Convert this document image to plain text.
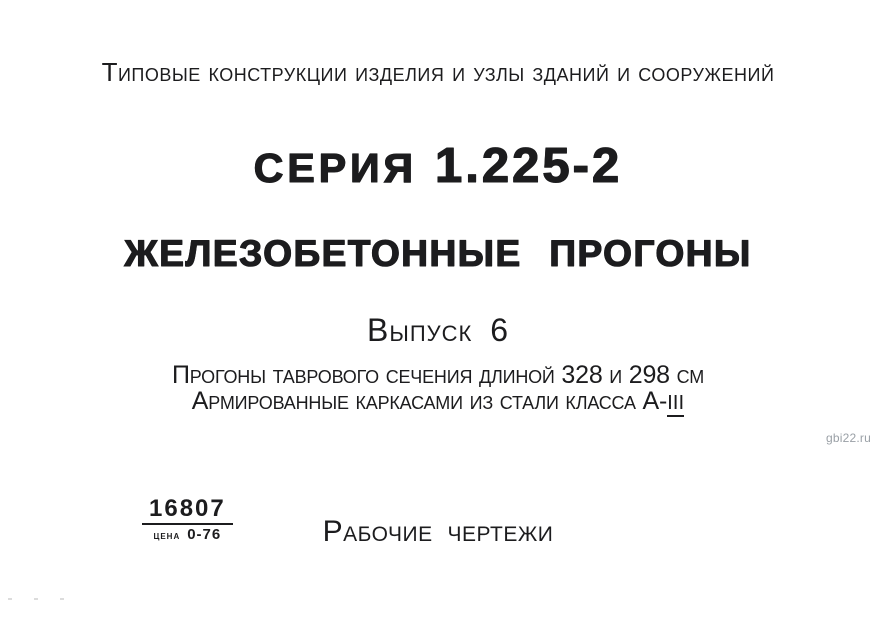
Типовые конструкции изделия и узлы зданий и сооружений
СЕРИЯ 1.225-2
ЖЕЛЕЗОБЕТОННЫЕ ПРОГОНЫ
Выпуск 6
Прогоны таврового сечения длиной 328 и 298 см
Армированные каркасами из стали класса А-III
gbi22.ru
16807
цена 0-76	Рабочие чертежи
